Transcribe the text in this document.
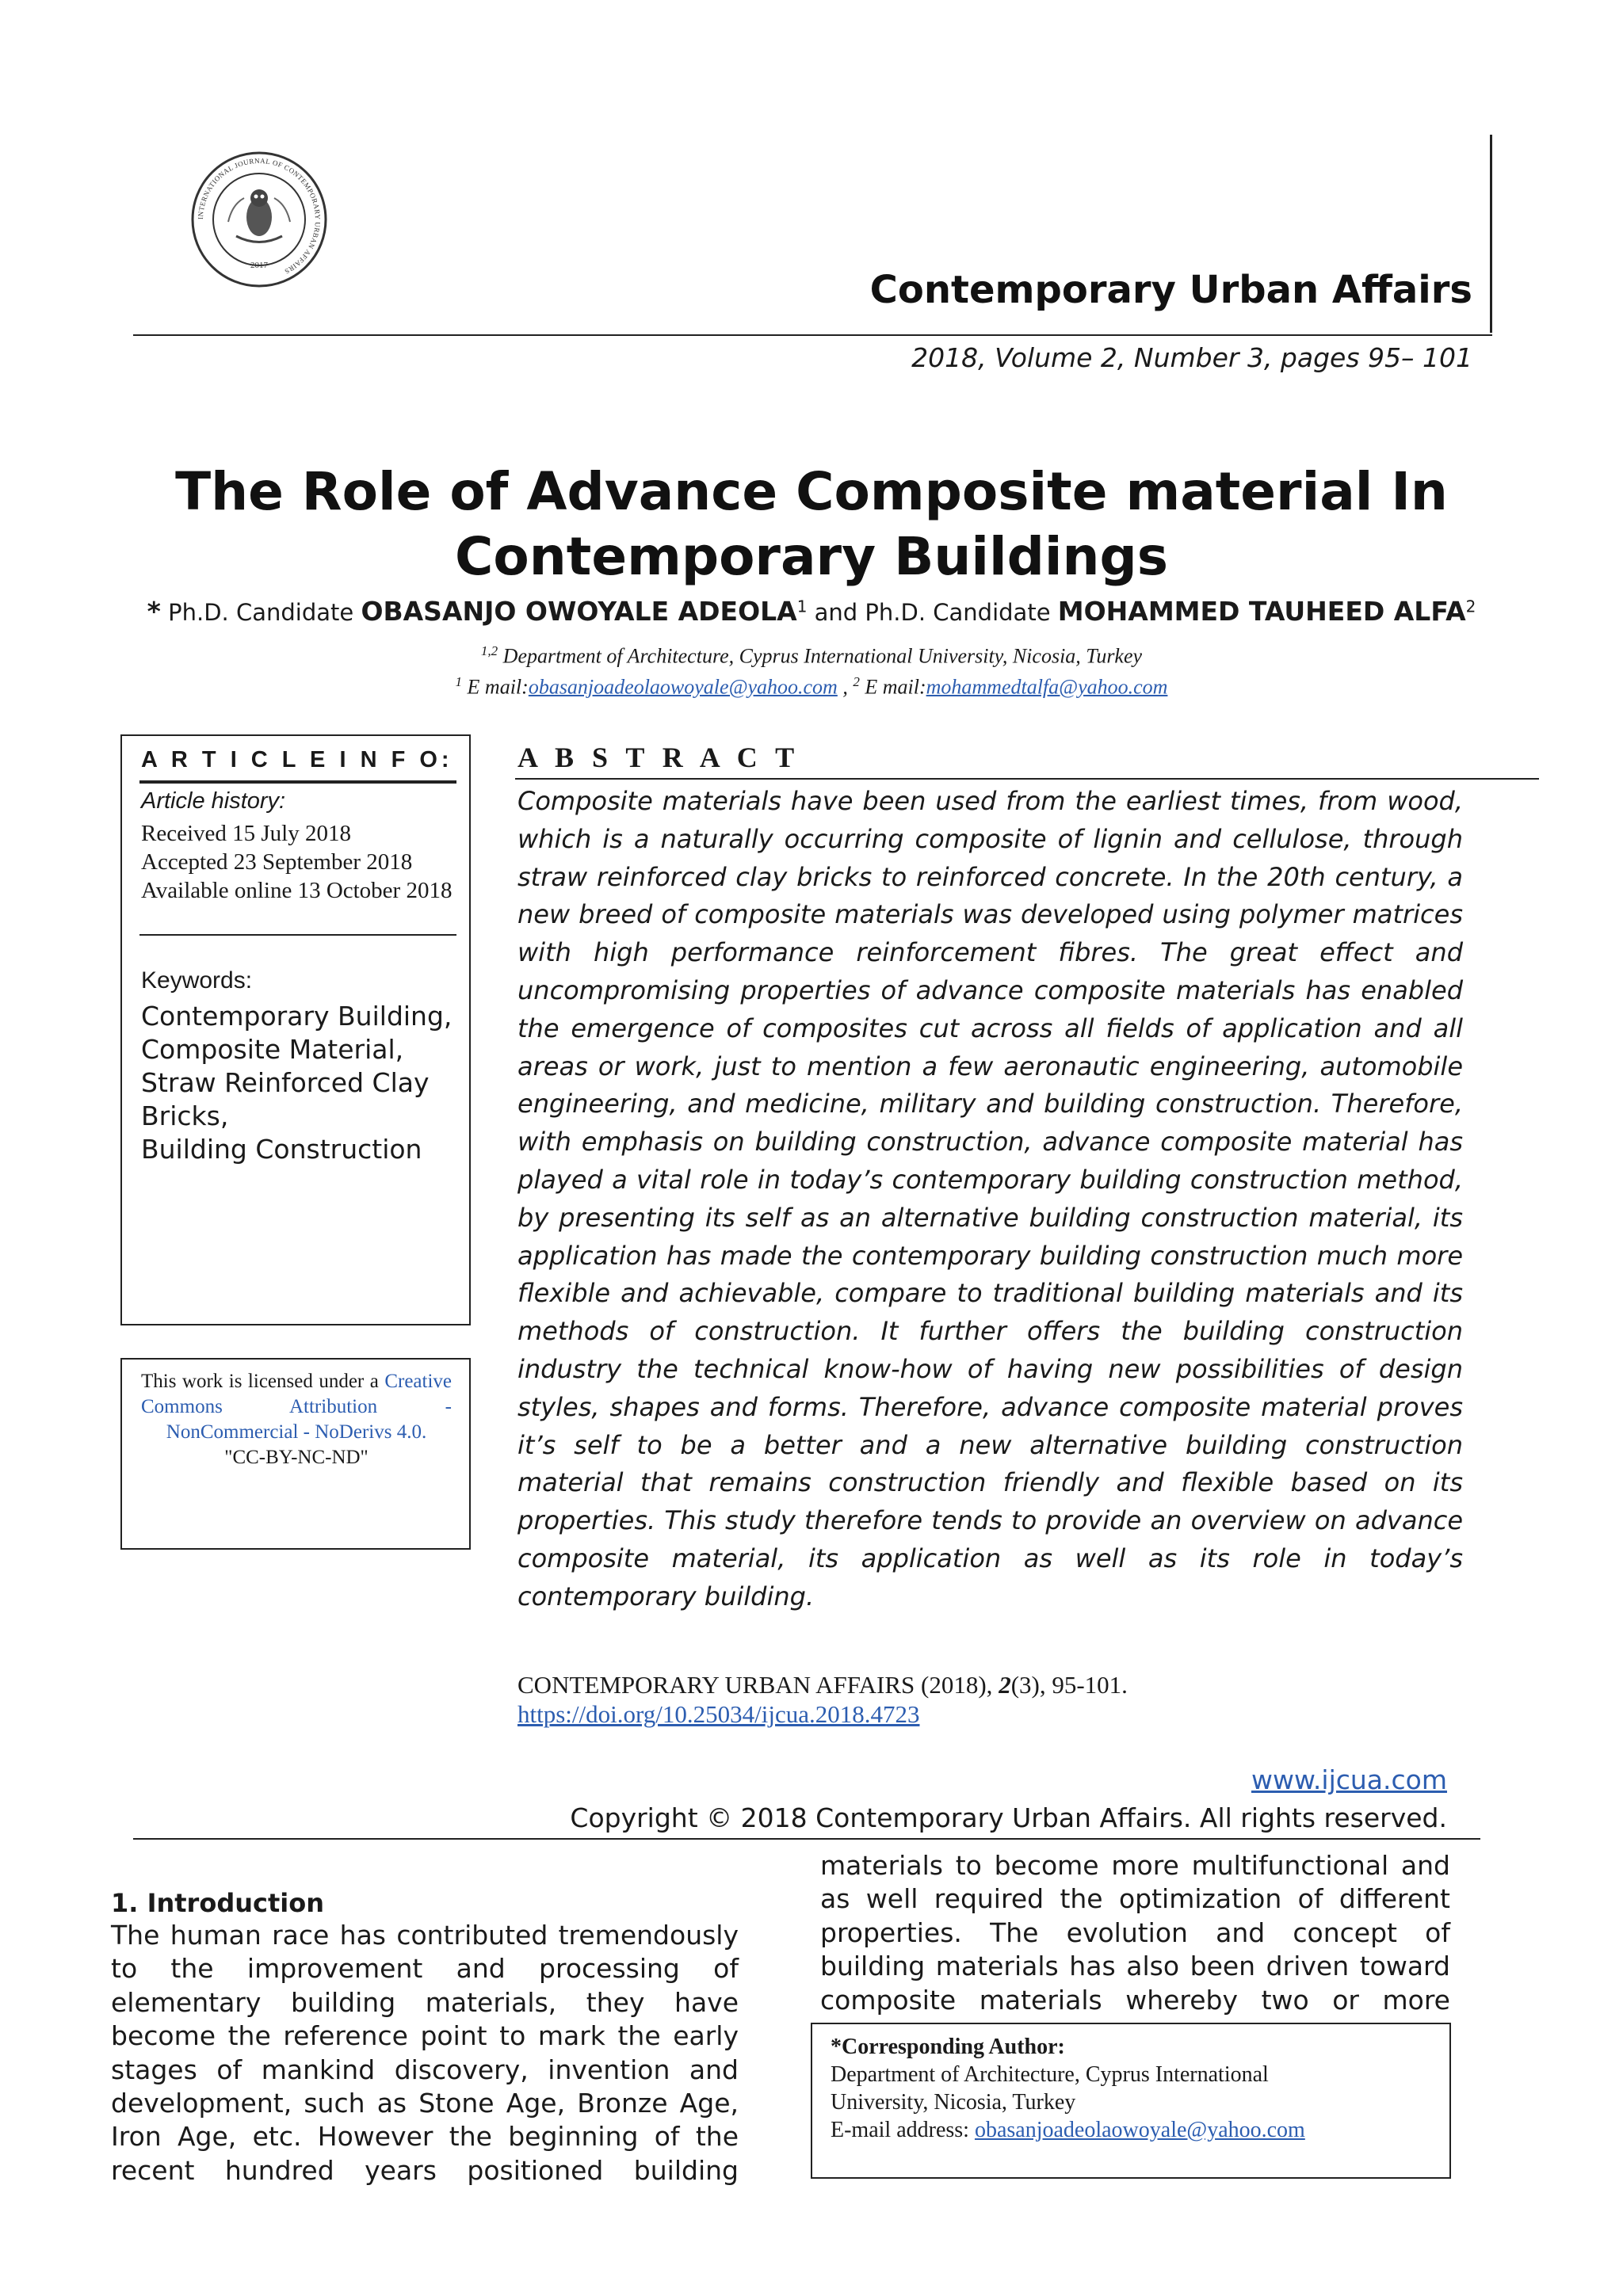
INTERNATIONAL JOURNAL OF CONTEMPORARY URBAN AFFAIRS
2017
Contemporary Urban Affairs
2018, Volume 2, Number 3, pages 95– 101
The Role of Advance Composite material In
Contemporary Buildings
* Ph.D. Candidate OBASANJO OWOYALE ADEOLA$^1$ and Ph.D. Candidate MOHAMMED TAUHEED ALFA$^2$
$^{1,2}$ Department of Architecture, Cyprus International University, Nicosia, Turkey
$^1$ E mail:obasanjoadeolaowoyale@yahoo.com , $^2$ E mail:mohammedtalfa@yahoo.com
A R T I C L E I N F O:
Article history:
Received 15 July 2018
Accepted 23 September 2018
Available online 13 October 2018
Keywords:
Contemporary Building, Composite Material,
Straw Reinforced Clay Bricks,
Building Construction
This work is licensed under a Creative Commons Attribution - NonCommercial - NoDerivs 4.0.
"CC-BY-NC-ND"
A B S T R A C T
Composite materials have been used from the earliest times, from wood, which is a naturally occurring composite of lignin and cellulose, through straw reinforced clay bricks to reinforced concrete. In the 20th century, a new breed of composite materials was developed using polymer matrices with high performance reinforcement fibres. The great effect and uncompromising properties of advance composite materials has enabled the emergence of composites cut across all fields of application and all areas or work, just to mention a few aeronautic engineering, automobile engineering, and medicine, military and building construction. Therefore, with emphasis on building construction, advance composite material has played a vital role in today’s contemporary building construction method, by presenting its self as an alternative building construction material, its application has made the contemporary building construction much more flexible and achievable, compare to traditional building materials and its methods of construction. It further offers the building construction industry the technical know-how of having new possibilities of design styles, shapes and forms. Therefore, advance composite material proves it’s self to be a better and a new alternative building construction material that remains construction friendly and flexible based on its properties. This study therefore tends to provide an overview on advance composite material, its application as well as its role in today’s contemporary building.
CONTEMPORARY URBAN AFFAIRS (2018), 2(3), 95-101.
https://doi.org/10.25034/ijcua.2018.4723
www.ijcua.com
Copyright © 2018 Contemporary Urban Affairs. All rights reserved.
1. Introduction
The human race has contributed tremendously to the improvement and processing of elementary building materials, they have become the reference point to mark the early stages of mankind discovery, invention and development, such as Stone Age, Bronze Age, Iron Age, etc. However the beginning of the recent hundred years positioned building
materials to become more multifunctional and as well required the optimization of different properties. The evolution and concept of building materials has also been driven toward composite materials whereby two or more
*Corresponding Author:
Department of Architecture, Cyprus International
University, Nicosia, Turkey
E-mail address: obasanjoadeolaowoyale@yahoo.com
